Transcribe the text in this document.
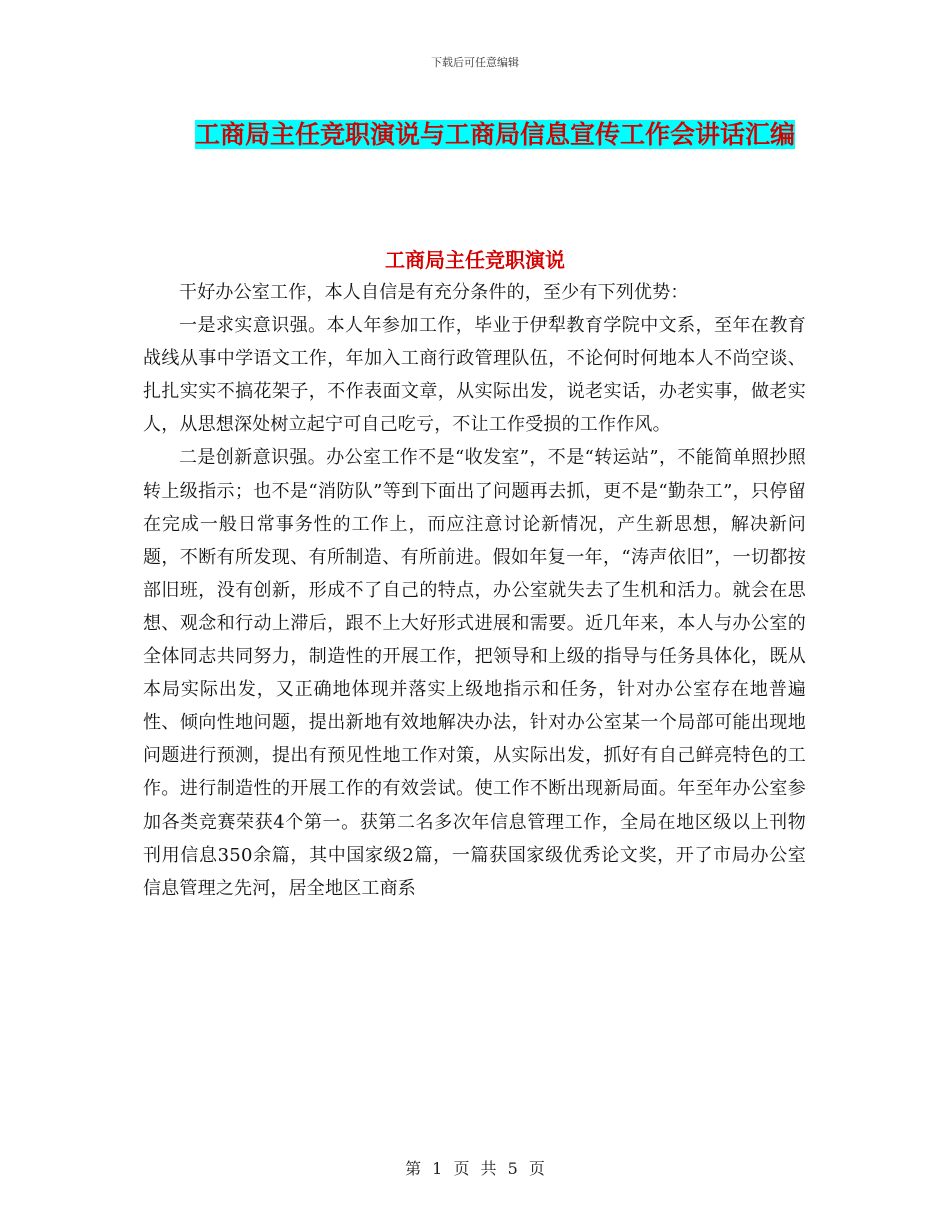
下载后可任意编辑
工商局主任竞职演说与工商局信息宣传工作会讲话汇编
工商局主任竞职演说

干好办公室工作，本人自信是有充分条件的，至少有下列优势：

一是求实意识强。本人年参加工作，毕业于伊犁教育学院中文系，至年在教育战线从事中学语文工作，年加入工商行政管理队伍，不论何时何地本人不尚空谈、扎扎实实不搞花架子，不作表面文章，从实际出发，说老实话，办老实事，做老实人，从思想深处树立起宁可自己吃亏，不让工作受损的工作作风。

二是创新意识强。办公室工作不是“收发室”，不是“转运站”，不能简单照抄照转上级指示；也不是“消防队”等到下面出了问题再去抓，更不是“勤杂工”，只停留在完成一般日常事务性的工作上，而应注意讨论新情况，产生新思想，解决新问题，不断有所发现、有所制造、有所前进。假如年复一年，“涛声依旧”，一切都按部旧班，没有创新，形成不了自己的特点，办公室就失去了生机和活力。就会在思想、观念和行动上滞后，跟不上大好形式进展和需要。近几年来，本人与办公室的全体同志共同努力，制造性的开展工作，把领导和上级的指导与任务具体化，既从本局实际出发，又正确地体现并落实上级地指示和任务，针对办公室存在地普遍性、倾向性地问题，提出新地有效地解决办法，针对办公室某一个局部可能出现地问题进行预测，提出有预见性地工作对策，从实际出发，抓好有自己鲜亮特色的工作。进行制造性的开展工作的有效尝试。使工作不断出现新局面。年至年办公室参加各类竞赛荣获4个第一。获第二名多次年信息管理工作，全局在地区级以上刊物刊用信息350余篇，其中国家级2篇，一篇获国家级优秀论文奖，开了市局办公室信息管理之先河，居全地区工商系

第 1 页 共 5 页
